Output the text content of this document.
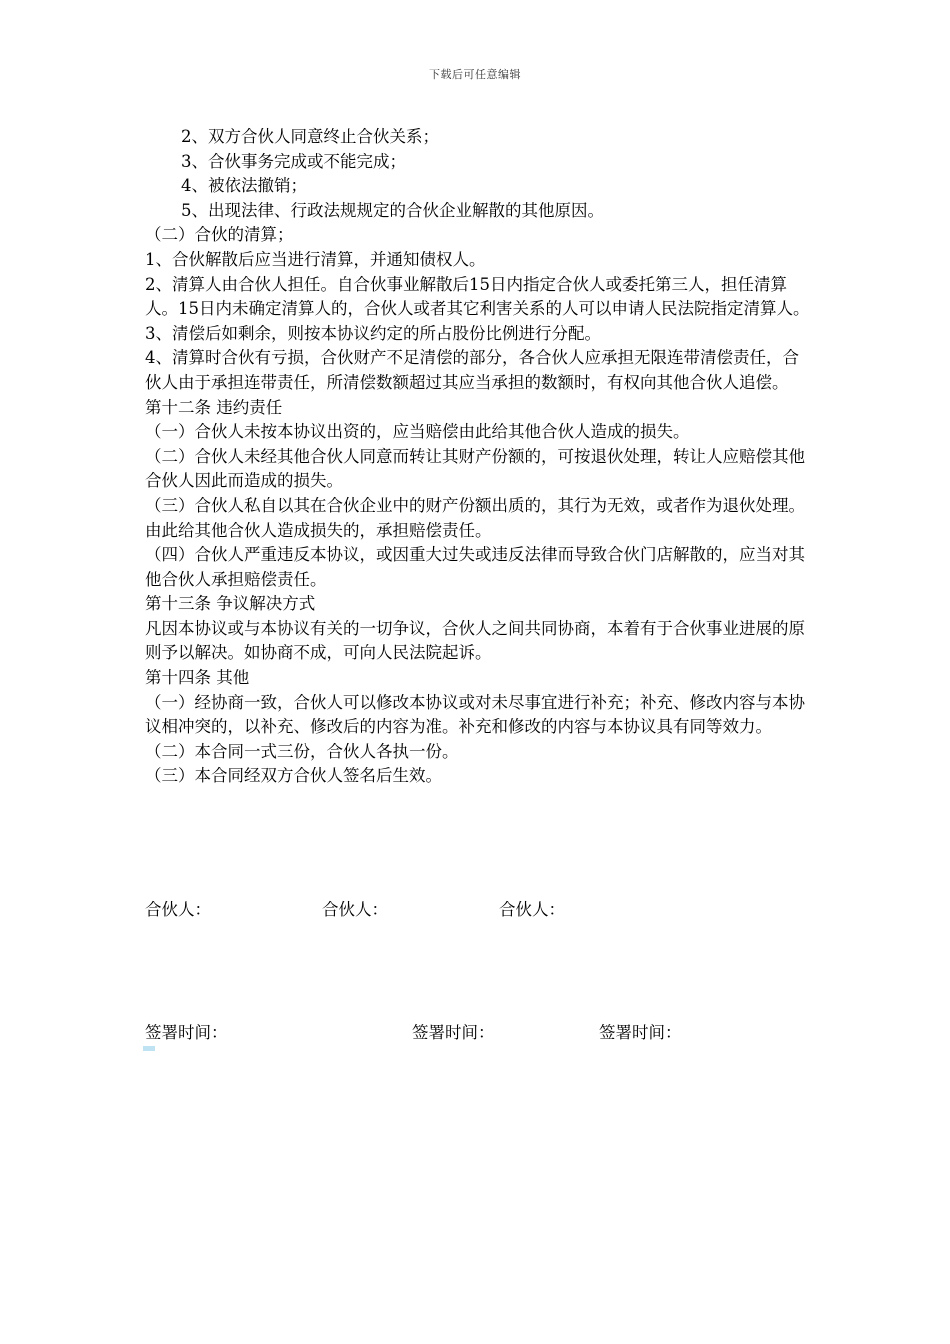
下载后可任意编辑

2、双方合伙人同意终止合伙关系；

3、合伙事务完成或不能完成；

4、被依法撤销；

5、出现法律、行政法规规定的合伙企业解散的其他原因。

（二）合伙的清算；

1、合伙解散后应当进行清算，并通知债权人。

2、清算人由合伙人担任。自合伙事业解散后15日内指定合伙人或委托第三人，担任清算人。15日内未确定清算人的，合伙人或者其它利害关系的人可以申请人民法院指定清算人。

3、清偿后如剩余，则按本协议约定的所占股份比例进行分配。

4、清算时合伙有亏损，合伙财产不足清偿的部分，各合伙人应承担无限连带清偿责任，合伙人由于承担连带责任，所清偿数额超过其应当承担的数额时，有权向其他合伙人追偿。

第十二条 违约责任

（一）合伙人未按本协议出资的，应当赔偿由此给其他合伙人造成的损失。

（二）合伙人未经其他合伙人同意而转让其财产份额的，可按退伙处理，转让人应赔偿其他合伙人因此而造成的损失。

（三）合伙人私自以其在合伙企业中的财产份额出质的，其行为无效，或者作为退伙处理。由此给其他合伙人造成损失的，承担赔偿责任。

（四）合伙人严重违反本协议，或因重大过失或违反法律而导致合伙门店解散的，应当对其他合伙人承担赔偿责任。

第十三条 争议解决方式

凡因本协议或与本协议有关的一切争议，合伙人之间共同协商，本着有于合伙事业进展的原则予以解决。如协商不成，可向人民法院起诉。

第十四条 其他

（一）经协商一致，合伙人可以修改本协议或对未尽事宜进行补充；补充、修改内容与本协议相冲突的，以补充、修改后的内容为准。补充和修改的内容与本协议具有同等效力。

（二）本合同一式三份，合伙人各执一份。

（三）本合同经双方合伙人签名后生效。

合伙人：	合伙人：	合伙人：
签署时间：	签署时间：	签署时间：
